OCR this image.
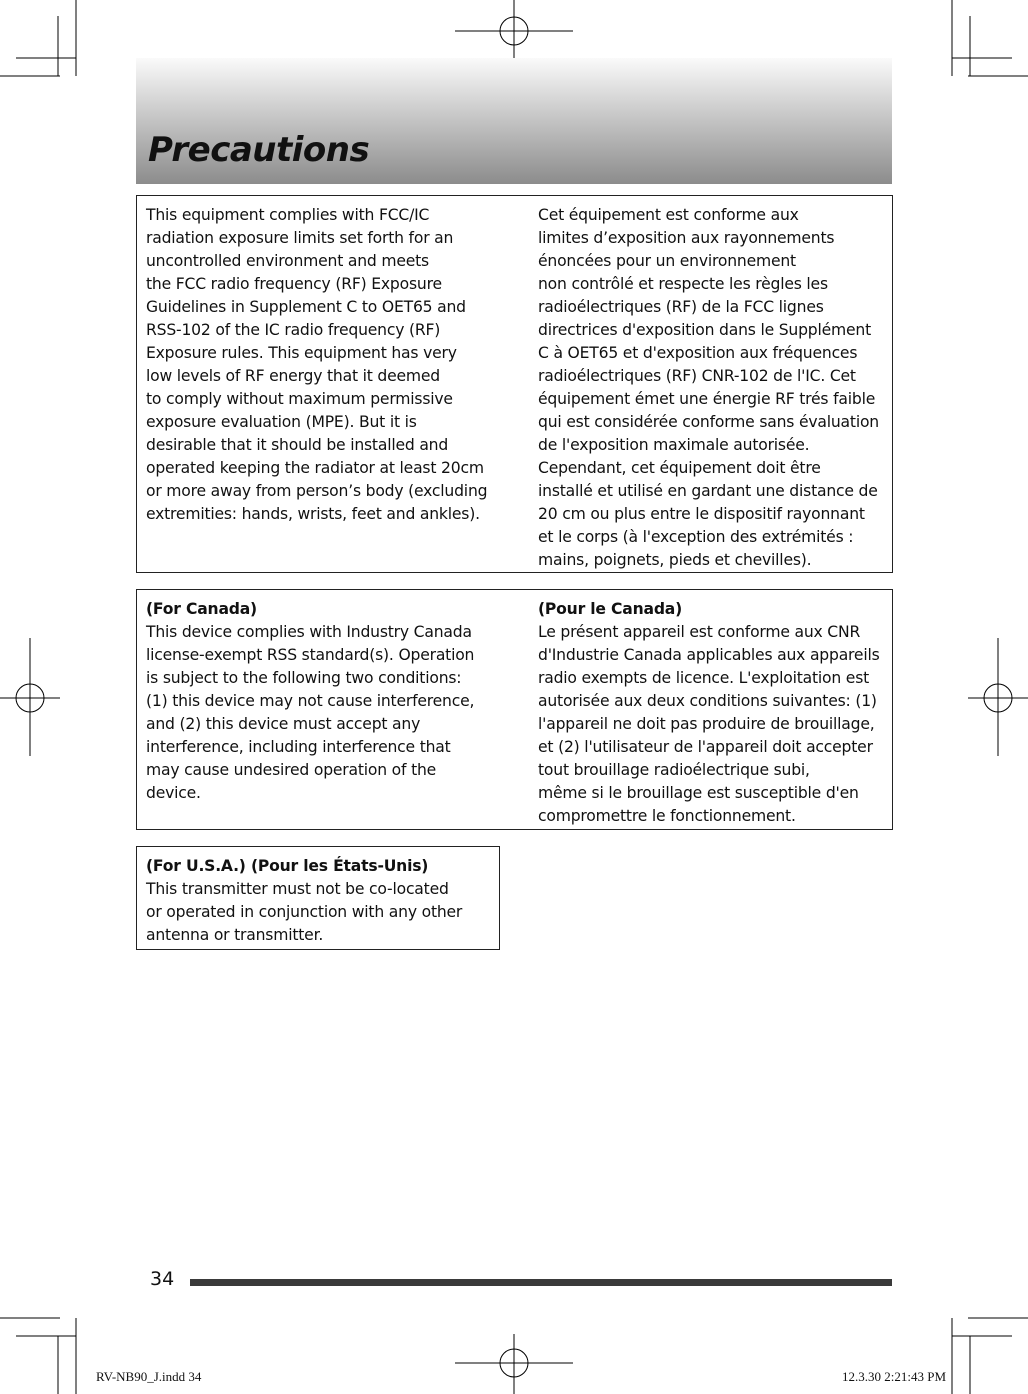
Precautions
This equipment complies with FCC/IC
radiation exposure limits set forth for an
uncontrolled environment and meets
the FCC radio frequency (RF) Exposure
Guidelines in Supplement C to OET65 and
RSS-102 of the IC radio frequency (RF)
Exposure rules. This equipment has very
low levels of RF energy that it deemed
to comply without maximum permissive
exposure evaluation (MPE). But it is
desirable that it should be installed and
operated keeping the radiator at least 20cm
or more away from person’s body (excluding
extremities: hands, wrists, feet and ankles).
Cet équipement est conforme aux
limites d’exposition aux rayonnements
énoncées pour un environnement
non contrôlé et respecte les règles les
radioélectriques (RF) de la FCC lignes
directrices d'exposition dans le Supplément
C à OET65 et d'exposition aux fréquences
radioélectriques (RF) CNR-102 de l'IC. Cet
équipement émet une énergie RF trés faible
qui est considérée conforme sans évaluation
de l'exposition maximale autorisée.
Cependant, cet équipement doit être
installé et utilisé en gardant une distance de
20 cm ou plus entre le dispositif rayonnant
et le corps (à l'exception des extrémités :
mains, poignets, pieds et chevilles).
(For Canada)
This device complies with Industry Canada
license-exempt RSS standard(s). Operation
is subject to the following two conditions:
(1) this device may not cause interference,
and (2) this device must accept any
interference, including interference that
may cause undesired operation of the
device.
(Pour le Canada)
Le présent appareil est conforme aux CNR
d'Industrie Canada applicables aux appareils
radio exempts de licence. L'exploitation est
autorisée aux deux conditions suivantes: (1)
l'appareil ne doit pas produire de brouillage,
et (2) l'utilisateur de l'appareil doit accepter
tout brouillage radioélectrique subi,
même si le brouillage est susceptible d'en
compromettre le fonctionnement.
(For U.S.A.) (Pour les États-Unis)
This transmitter must not be co-located
or operated in conjunction with any other
antenna or transmitter.
34
RV-NB90_J.indd 34	12.3.30 2:21:43 PM
